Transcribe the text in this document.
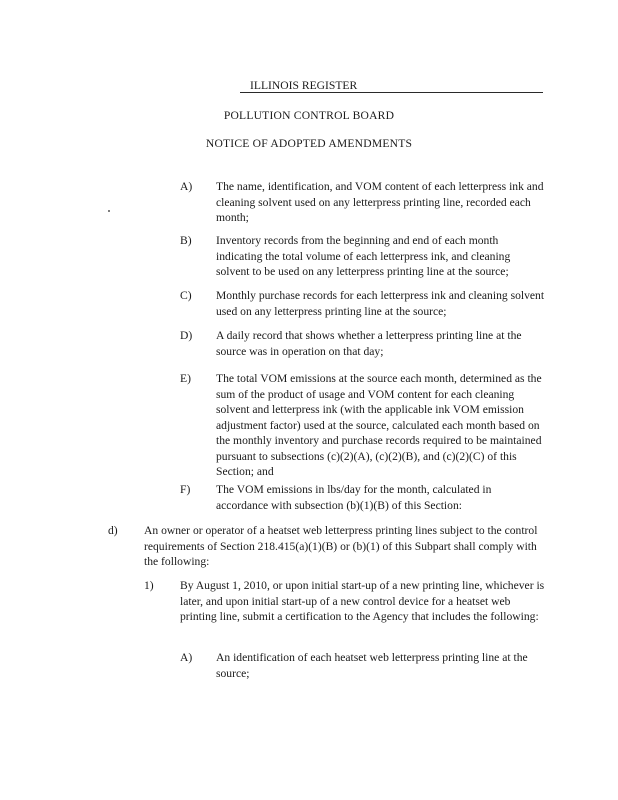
ILLINOIS REGISTER
POLLUTION CONTROL BOARD
NOTICE OF ADOPTED AMENDMENTS
A) The name, identification, and VOM content of each letterpress ink and cleaning solvent used on any letterpress printing line, recorded each month;
B) Inventory records from the beginning and end of each month indicating the total volume of each letterpress ink, and cleaning solvent to be used on any letterpress printing line at the source;
C) Monthly purchase records for each letterpress ink and cleaning solvent used on any letterpress printing line at the source;
D) A daily record that shows whether a letterpress printing line at the source was in operation on that day;
E) The total VOM emissions at the source each month, determined as the sum of the product of usage and VOM content for each cleaning solvent and letterpress ink (with the applicable ink VOM emission adjustment factor) used at the source, calculated each month based on the monthly inventory and purchase records required to be maintained pursuant to subsections (c)(2)(A), (c)(2)(B), and (c)(2)(C) of this Section; and
F) The VOM emissions in lbs/day for the month, calculated in accordance with subsection (b)(1)(B) of this Section:
d) An owner or operator of a heatset web letterpress printing lines subject to the control requirements of Section 218.415(a)(1)(B) or (b)(1) of this Subpart shall comply with the following:
1) By August 1, 2010, or upon initial start-up of a new printing line, whichever is later, and upon initial start-up of a new control device for a heatset web printing line, submit a certification to the Agency that includes the following:
A) An identification of each heatset web letterpress printing line at the source;
